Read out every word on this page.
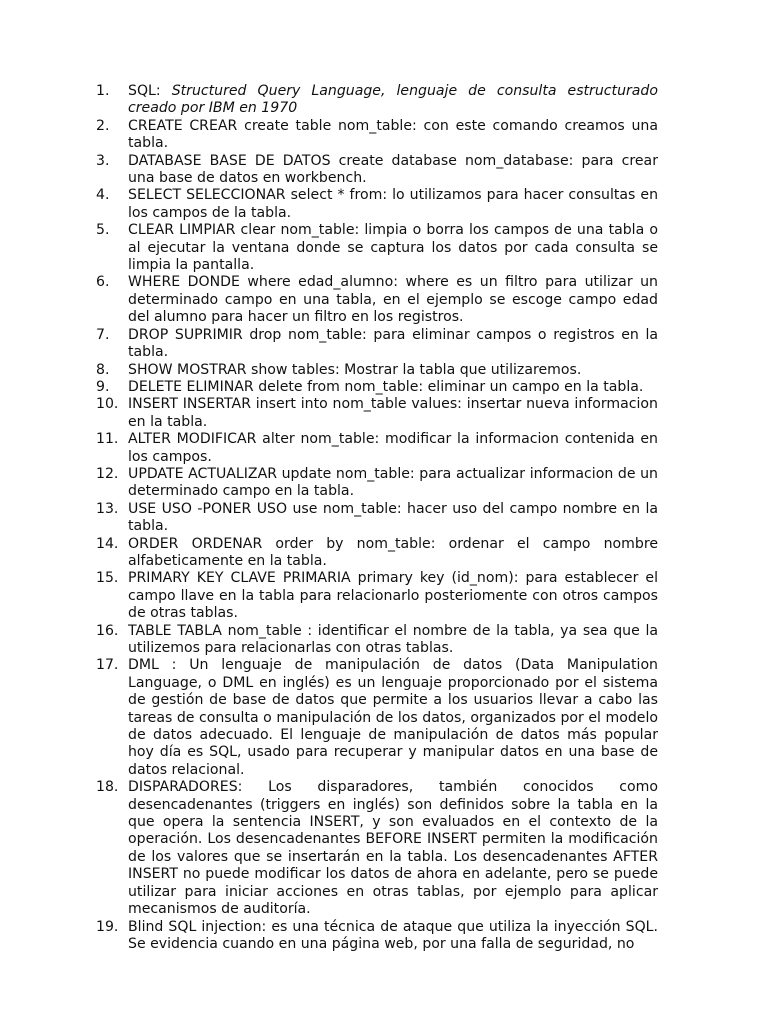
1.	SQL: Structured Query Language, lenguaje de consulta estructurado creado por IBM en 1970
2.	CREATE CREAR create table nom_table: con este comando creamos una tabla.
3.	DATABASE BASE DE DATOS create database nom_database: para crear una base de datos en workbench.
4.	SELECT SELECCIONAR select * from: lo utilizamos para hacer consultas en los campos de la tabla.
5.	CLEAR LIMPIAR clear nom_table: limpia o borra los campos de una tabla o al ejecutar la ventana donde se captura los datos por cada consulta se limpia la pantalla.
6.	WHERE DONDE where edad_alumno: where es un filtro para utilizar un determinado campo en una tabla, en el ejemplo se escoge campo edad del alumno para hacer un filtro en los registros.
7.	DROP SUPRIMIR drop nom_table: para eliminar campos o registros en la tabla.
8.	SHOW MOSTRAR show tables: Mostrar la tabla que utilizaremos.
9.	DELETE ELIMINAR delete from nom_table: eliminar un campo en la tabla.
10. INSERT INSERTAR insert into nom_table values: insertar nueva informacion en la tabla.
11. ALTER MODIFICAR alter nom_table: modificar la informacion contenida en los campos.
12. UPDATE ACTUALIZAR update nom_table: para actualizar informacion de un determinado campo en la tabla.
13. USE USO -PONER USO use nom_table: hacer uso del campo nombre en la tabla.
14. ORDER ORDENAR order by nom_table: ordenar el campo nombre alfabeticamente en la tabla.
15. PRIMARY KEY CLAVE PRIMARIA primary key (id_nom): para establecer el campo llave en la tabla para relacionarlo posteriomente con otros campos de otras tablas.
16. TABLE TABLA nom_table : identificar el nombre de la tabla, ya sea que la utilizemos para relacionarlas con otras tablas.
17. DML : Un lenguaje de manipulación de datos (Data Manipulation Language, o DML en inglés) es un lenguaje proporcionado por el sistema de gestión de base de datos que permite a los usuarios llevar a cabo las tareas de consulta o manipulación de los datos, organizados por el modelo de datos adecuado. El lenguaje de manipulación de datos más popular hoy día es SQL, usado para recuperar y manipular datos en una base de datos relacional.
18. DISPARADORES: Los disparadores, también conocidos como desencadenantes (triggers en inglés) son definidos sobre la tabla en la que opera la sentencia INSERT, y son evaluados en el contexto de la operación. Los desencadenantes BEFORE INSERT permiten la modificación de los valores que se insertarán en la tabla. Los desencadenantes AFTER INSERT no puede modificar los datos de ahora en adelante, pero se puede utilizar para iniciar acciones en otras tablas, por ejemplo para aplicar mecanismos de auditoría.
19. Blind SQL injection: es una técnica de ataque que utiliza la inyección SQL. Se evidencia cuando en una página web, por una falla de seguridad, no
